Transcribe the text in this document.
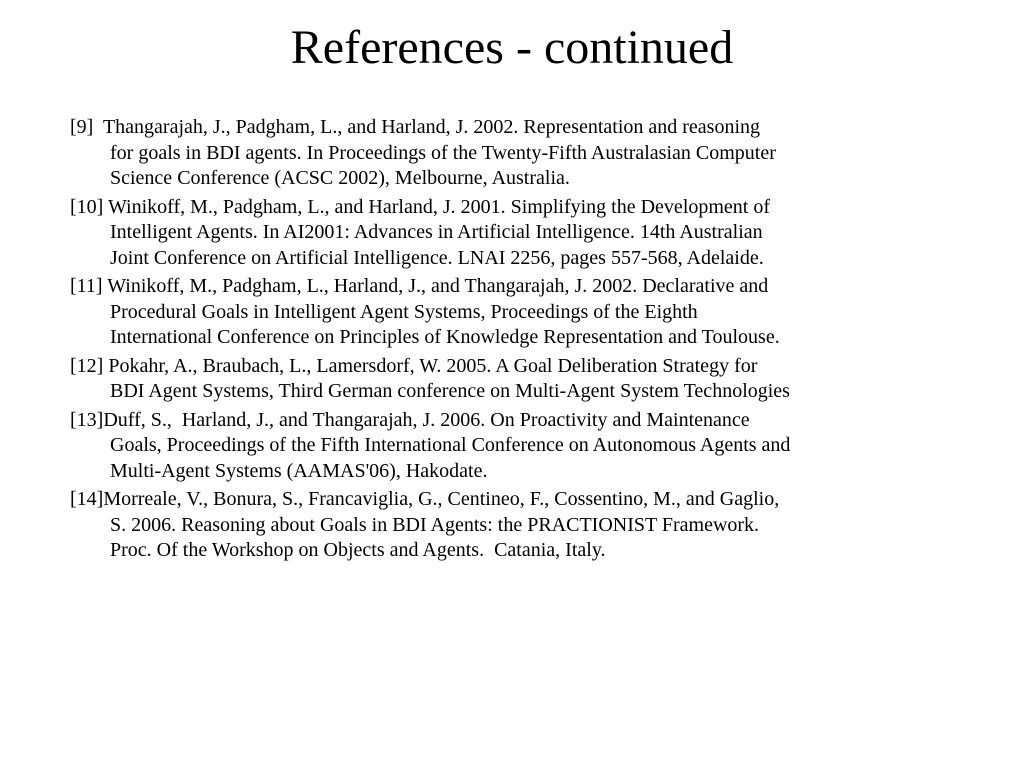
References - continued
[9]  Thangarajah, J., Padgham, L., and Harland, J. 2002. Representation and reasoning
for goals in BDI agents. In Proceedings of the Twenty-Fifth Australasian Computer
Science Conference (ACSC 2002), Melbourne, Australia.
[10] Winikoff, M., Padgham, L., and Harland, J. 2001. Simplifying the Development of
Intelligent Agents. In AI2001: Advances in Artificial Intelligence. 14th Australian
Joint Conference on Artificial Intelligence. LNAI 2256, pages 557-568, Adelaide.
[11] Winikoff, M., Padgham, L., Harland, J., and Thangarajah, J. 2002. Declarative and
Procedural Goals in Intelligent Agent Systems, Proceedings of the Eighth
International Conference on Principles of Knowledge Representation and Toulouse.
[12] Pokahr, A., Braubach, L., Lamersdorf, W. 2005. A Goal Deliberation Strategy for
BDI Agent Systems, Third German conference on Multi-Agent System Technologies
[13]Duff, S.,  Harland, J., and Thangarajah, J. 2006. On Proactivity and Maintenance
Goals, Proceedings of the Fifth International Conference on Autonomous Agents and
Multi-Agent Systems (AAMAS'06), Hakodate.
[14]Morreale, V., Bonura, S., Francaviglia, G., Centineo, F., Cossentino, M., and Gaglio,
S. 2006. Reasoning about Goals in BDI Agents: the PRACTIONIST Framework.
Proc. Of the Workshop on Objects and Agents.  Catania, Italy.
